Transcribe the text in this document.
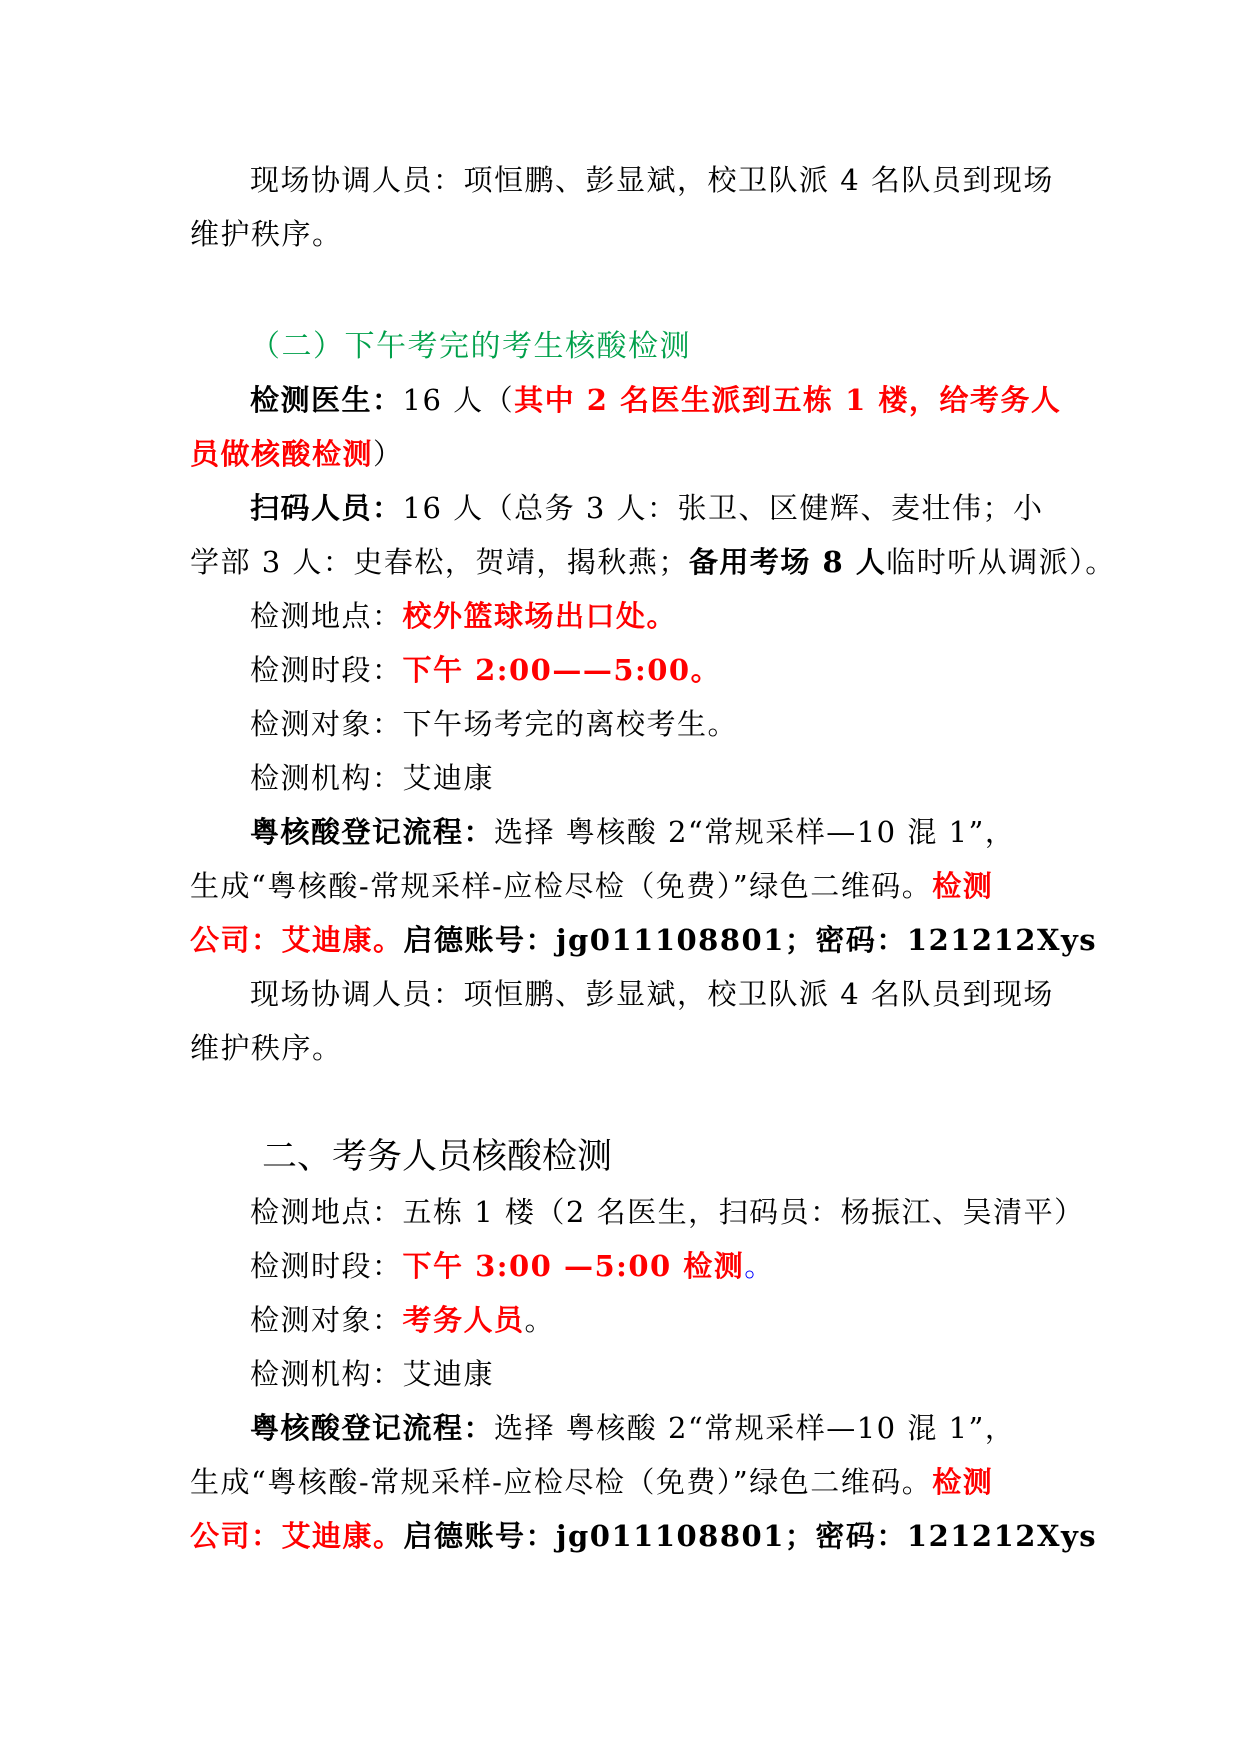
现场协调人员：项恒鹏、彭显斌，校卫队派 4 名队员到现场
维护秩序。
（二）下午考完的考生核酸检测
检测医生：16 人（其中 2 名医生派到五栋 1 楼，给考务人
员做核酸检测）
扫码人员：16 人（总务 3 人：张卫、区健辉、麦壮伟；小
学部 3 人：史春松，贺靖，揭秋燕；备用考场 8 人临时听从调派）。
检测地点：校外篮球场出口处。
检测时段：下午 2:00——5:00。
检测对象：下午场考完的离校考生。
检测机构：艾迪康
粤核酸登记流程：选择 粤核酸 2“常规采样—10 混 1”，
生成“粤核酸-常规采样-应检尽检（免费）”绿色二维码。检测
公司：艾迪康。启德账号：jg011108801；密码：121212Xys
现场协调人员：项恒鹏、彭显斌，校卫队派 4 名队员到现场
维护秩序。
二、考务人员核酸检测
检测地点：五栋 1 楼（2 名医生，扫码员：杨振江、吴清平）
检测时段：下午 3:00 —5:00 检测。
检测对象：考务人员。
检测机构：艾迪康
粤核酸登记流程：选择 粤核酸 2“常规采样—10 混 1”，
生成“粤核酸-常规采样-应检尽检（免费）”绿色二维码。检测
公司：艾迪康。启德账号：jg011108801；密码：121212Xys
